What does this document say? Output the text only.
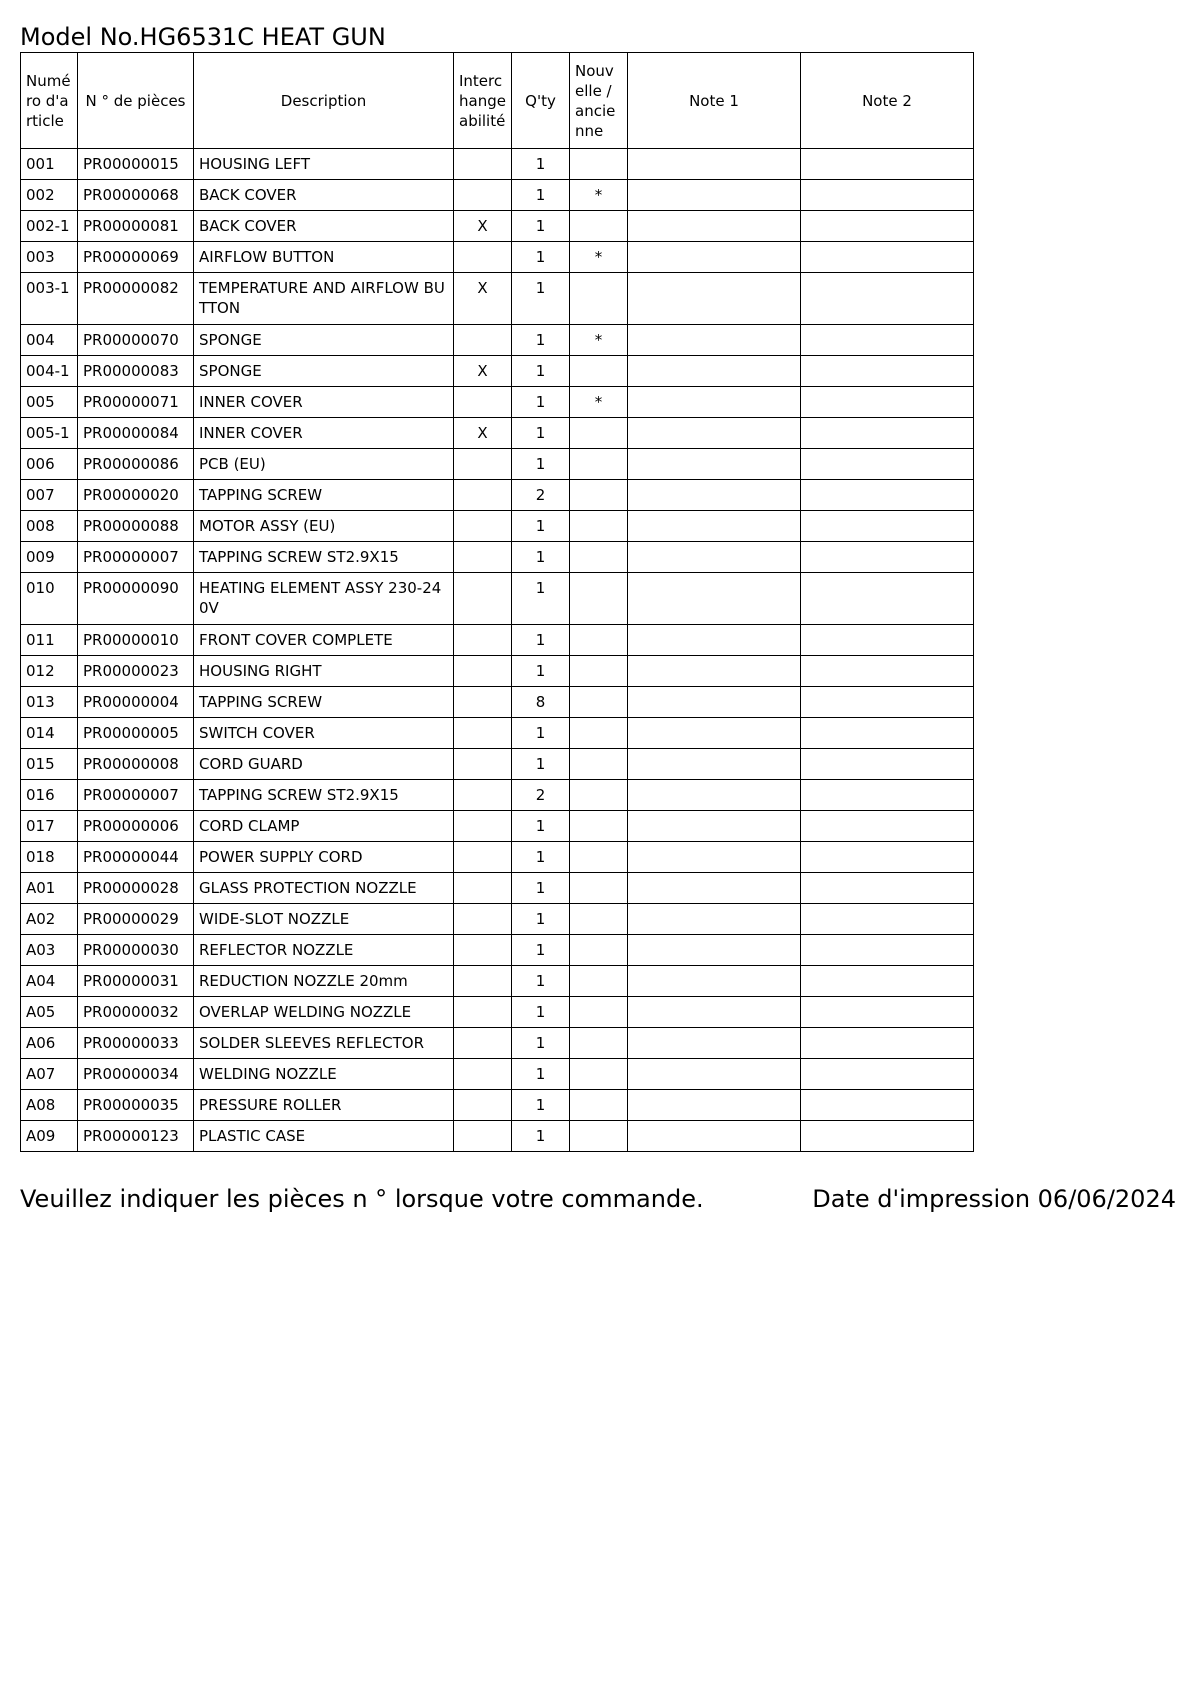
Model No.HG6531C HEAT GUN
Numéro d'article	N ° de pièces	Description	Interchangeabilité	Q'ty	Nouvelle / ancienne	Note 1	Note 2
001	PR00000015	HOUSING LEFT		1			
002	PR00000068	BACK COVER		1	*		
002-1	PR00000081	BACK COVER	X	1			
003	PR00000069	AIRFLOW BUTTON		1	*		
003-1	PR00000082	TEMPERATURE AND AIRFLOW BUTTON	X	1			
004	PR00000070	SPONGE		1	*		
004-1	PR00000083	SPONGE	X	1			
005	PR00000071	INNER COVER		1	*		
005-1	PR00000084	INNER COVER	X	1			
006	PR00000086	PCB (EU)		1			
007	PR00000020	TAPPING SCREW		2			
008	PR00000088	MOTOR ASSY (EU)		1			
009	PR00000007	TAPPING SCREW ST2.9X15		1			
010	PR00000090	HEATING ELEMENT ASSY 230-240V		1			
011	PR00000010	FRONT COVER COMPLETE		1			
012	PR00000023	HOUSING RIGHT		1			
013	PR00000004	TAPPING SCREW		8			
014	PR00000005	SWITCH COVER		1			
015	PR00000008	CORD GUARD		1			
016	PR00000007	TAPPING SCREW ST2.9X15		2			
017	PR00000006	CORD CLAMP		1			
018	PR00000044	POWER SUPPLY CORD		1			
A01	PR00000028	GLASS PROTECTION NOZZLE		1			
A02	PR00000029	WIDE-SLOT NOZZLE		1			
A03	PR00000030	REFLECTOR NOZZLE		1			
A04	PR00000031	REDUCTION NOZZLE 20mm		1			
A05	PR00000032	OVERLAP WELDING NOZZLE		1			
A06	PR00000033	SOLDER SLEEVES REFLECTOR		1			
A07	PR00000034	WELDING NOZZLE		1			
A08	PR00000035	PRESSURE ROLLER		1			
A09	PR00000123	PLASTIC CASE		1			
Veuillez indiquer les pièces n ° lorsque votre commande.	Date d'impression 06/06/2024
